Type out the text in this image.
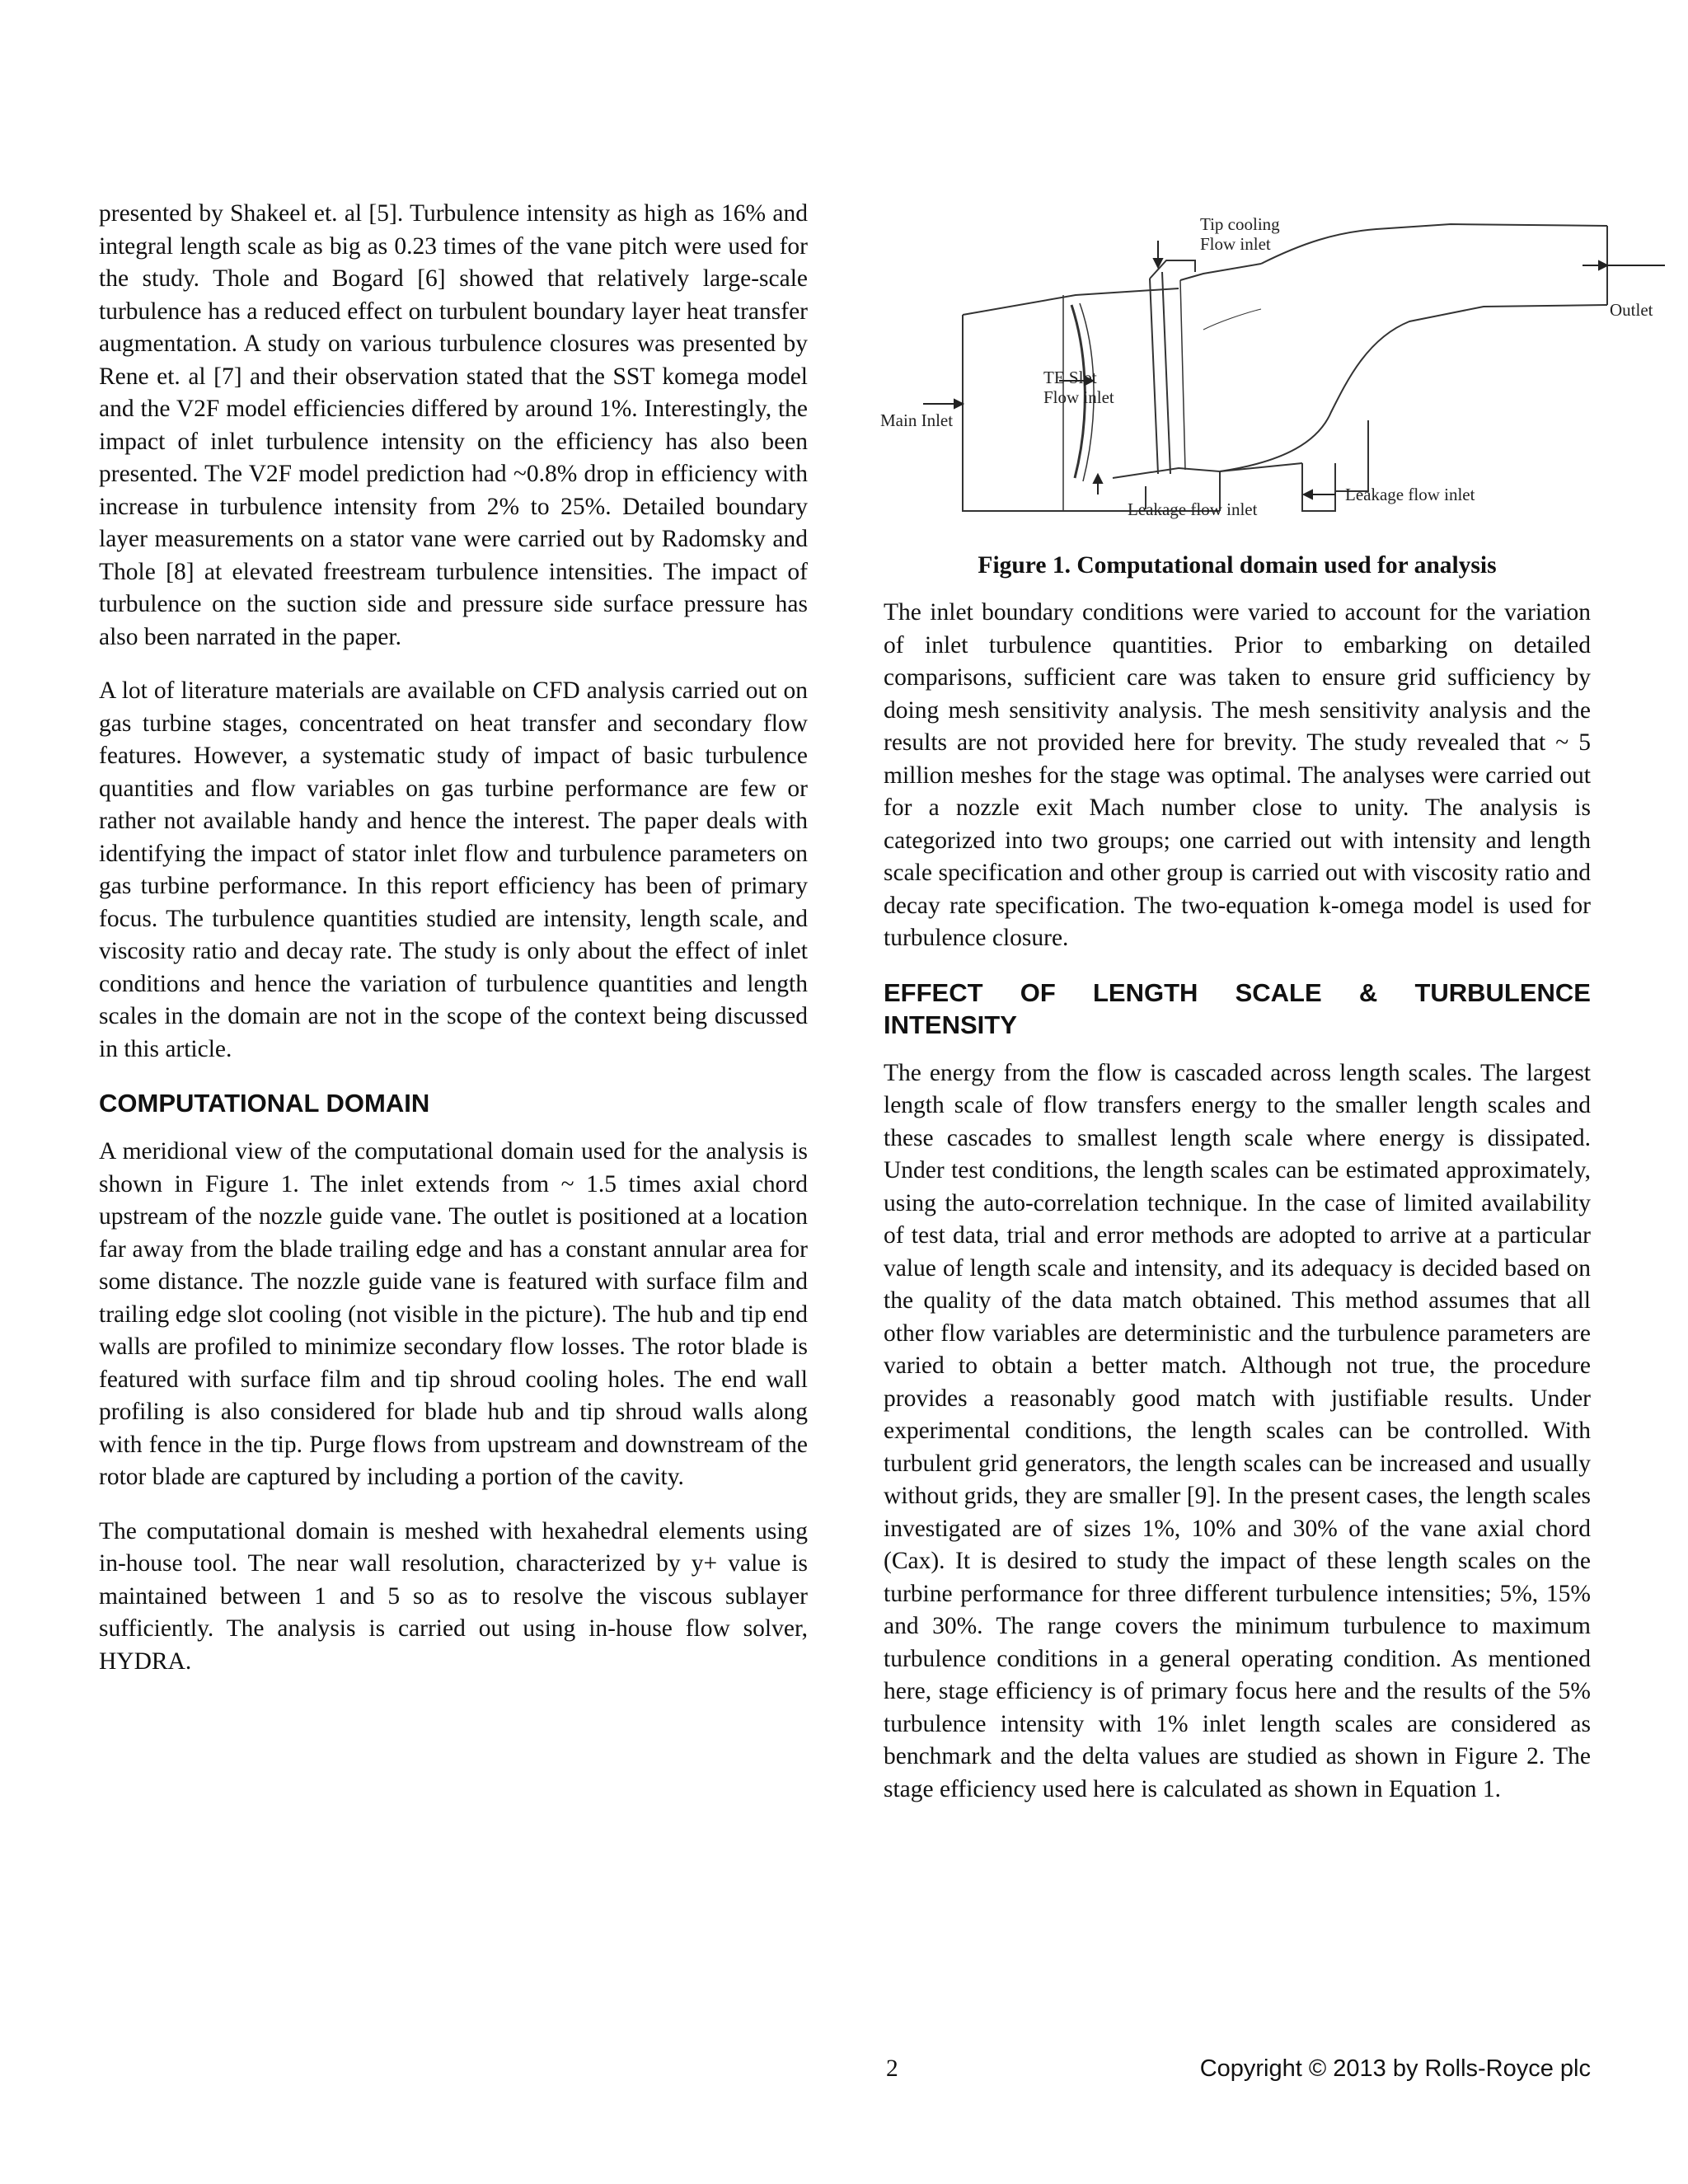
presented by Shakeel et. al [5]. Turbulence intensity as high as 16% and integral length scale as big as 0.23 times of the vane pitch were used for the study. Thole and Bogard [6] showed that relatively large-scale turbulence has a reduced effect on turbulent boundary layer heat transfer augmentation. A study on various turbulence closures was presented by Rene et. al [7] and their observation stated that the SST komega model and the V2F model efficiencies differed by around 1%. Interestingly, the impact of inlet turbulence intensity on the efficiency has also been presented. The V2F model prediction had ~0.8% drop in efficiency with increase in turbulence intensity from 2% to 25%. Detailed boundary layer measurements on a stator vane were carried out by Radomsky and Thole [8] at elevated freestream turbulence intensities. The impact of turbulence on the suction side and pressure side surface pressure has also been narrated in the paper.

A lot of literature materials are available on CFD analysis carried out on gas turbine stages, concentrated on heat transfer and secondary flow features. However, a systematic study of impact of basic turbulence quantities and flow variables on gas turbine performance are few or rather not available handy and hence the interest. The paper deals with identifying the impact of stator inlet flow and turbulence parameters on gas turbine performance. In this report efficiency has been of primary focus. The turbulence quantities studied are intensity, length scale, and viscosity ratio and decay rate. The study is only about the effect of inlet conditions and hence the variation of turbulence quantities and length scales in the domain are not in the scope of the context being discussed in this article.

COMPUTATIONAL DOMAIN

A meridional view of the computational domain used for the analysis is shown in Figure 1. The inlet extends from ~ 1.5 times axial chord upstream of the nozzle guide vane. The outlet is positioned at a location far away from the blade trailing edge and has a constant annular area for some distance. The nozzle guide vane is featured with surface film and trailing edge slot cooling (not visible in the picture). The hub and tip end walls are profiled to minimize secondary flow losses. The rotor blade is featured with surface film and tip shroud cooling holes. The end wall profiling is also considered for blade hub and tip shroud walls along with fence in the tip. Purge flows from upstream and downstream of the rotor blade are captured by including a portion of the cavity.

The computational domain is meshed with hexahedral elements using in-house tool. The near wall resolution, characterized by y+ value is maintained between 1 and 5 so as to resolve the viscous sublayer sufficiently. The analysis is carried out using in-house flow solver, HYDRA.

Tip cooling
Flow inlet
Outlet
TE Slot
Flow inlet
Main Inlet
Leakage flow inlet
Leakage flow inlet
Figure 1. Computational domain used for analysis

The inlet boundary conditions were varied to account for the variation of inlet turbulence quantities. Prior to embarking on detailed comparisons, sufficient care was taken to ensure grid sufficiency by doing mesh sensitivity analysis. The mesh sensitivity analysis and the results are not provided here for brevity. The study revealed that ~ 5 million meshes for the stage was optimal. The analyses were carried out for a nozzle exit Mach number close to unity. The analysis is categorized into two groups; one carried out with intensity and length scale specification and other group is carried out with viscosity ratio and decay rate specification. The two-equation k-omega model is used for turbulence closure.

EFFECT OF LENGTH SCALE & TURBULENCE
INTENSITY

The energy from the flow is cascaded across length scales. The largest length scale of flow transfers energy to the smaller length scales and these cascades to smallest length scale where energy is dissipated. Under test conditions, the length scales can be estimated approximately, using the auto-correlation technique. In the case of limited availability of test data, trial and error methods are adopted to arrive at a particular value of length scale and intensity, and its adequacy is decided based on the quality of the data match obtained. This method assumes that all other flow variables are deterministic and the turbulence parameters are varied to obtain a better match. Although not true, the procedure provides a reasonably good match with justifiable results. Under experimental conditions, the length scales can be controlled. With turbulent grid generators, the length scales can be increased and usually without grids, they are smaller [9]. In the present cases, the length scales investigated are of sizes 1%, 10% and 30% of the vane axial chord (Cax). It is desired to study the impact of these length scales on the turbine performance for three different turbulence intensities; 5%, 15% and 30%. The range covers the minimum turbulence to maximum turbulence conditions in a general operating condition. As mentioned here, stage efficiency is of primary focus here and the results of the 5% turbulence intensity with 1% inlet length scales are considered as benchmark and the delta values are studied as shown in Figure 2. The stage efficiency used here is calculated as shown in Equation 1.

2	Copyright © 2013 by Rolls-Royce plc
